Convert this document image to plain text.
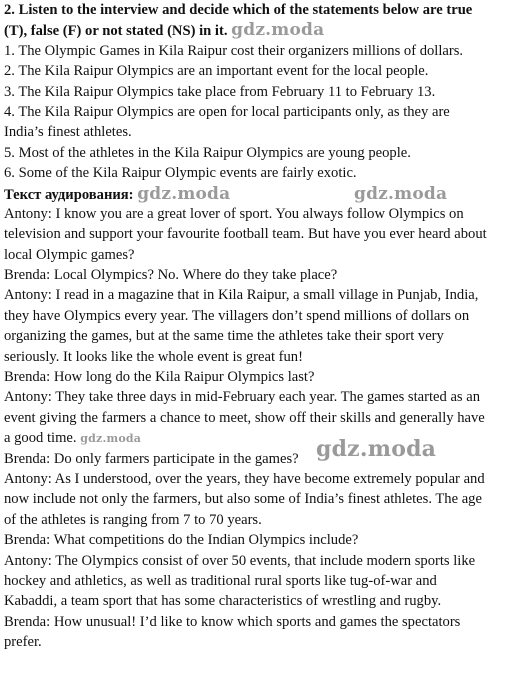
2. Listen to the interview and decide which of the statements below are true
(T), false (F) or not stated (NS) in it. gdz.moda
1. The Olympic Games in Kila Raipur cost their organizers millions of dollars.
2. The Kila Raipur Olympics are an important event for the local people.
3. The Kila Raipur Olympics take place from February 11 to February 13.
4. The Kila Raipur Olympics are open for local participants only, as they are
India’s finest athletes.
5. Most of the athletes in the Kila Raipur Olympics are young people.
6. Some of the Kila Raipur Olympic events are fairly exotic.
Текст аудирования: gdz.moda
Antony: I know you are a great lover of sport. You always follow Olympics on
television and support your favourite football team. But have you ever heard about
local Olympic games?
Brenda: Local Olympics? No. Where do they take place?
Antony: I read in a magazine that in Kila Raipur, a small village in Punjab, India,
they have Olympics every year. The villagers don’t spend millions of dollars on
organizing the games, but at the same time the athletes take their sport very
seriously. It looks like the whole event is great fun!
Brenda: How long do the Kila Raipur Olympics last?
Antony: They take three days in mid-February each year. The games started as an
event giving the farmers a chance to meet, show off their skills and generally have
a good time. gdz.moda
Brenda: Do only farmers participate in the games?
Antony: As I understood, over the years, they have become extremely popular and
now include not only the farmers, but also some of India’s finest athletes. The age
of the athletes is ranging from 7 to 70 years.
Brenda: What competitions do the Indian Olympics include?
Antony: The Olympics consist of over 50 events, that include modern sports like
hockey and athletics, as well as traditional rural sports like tug-of-war and
Kabaddi, a team sport that has some characteristics of wrestling and rugby.
Brenda: How unusual! I’d like to know which sports and games the spectators
prefer.
gdz.moda
gdz.moda
